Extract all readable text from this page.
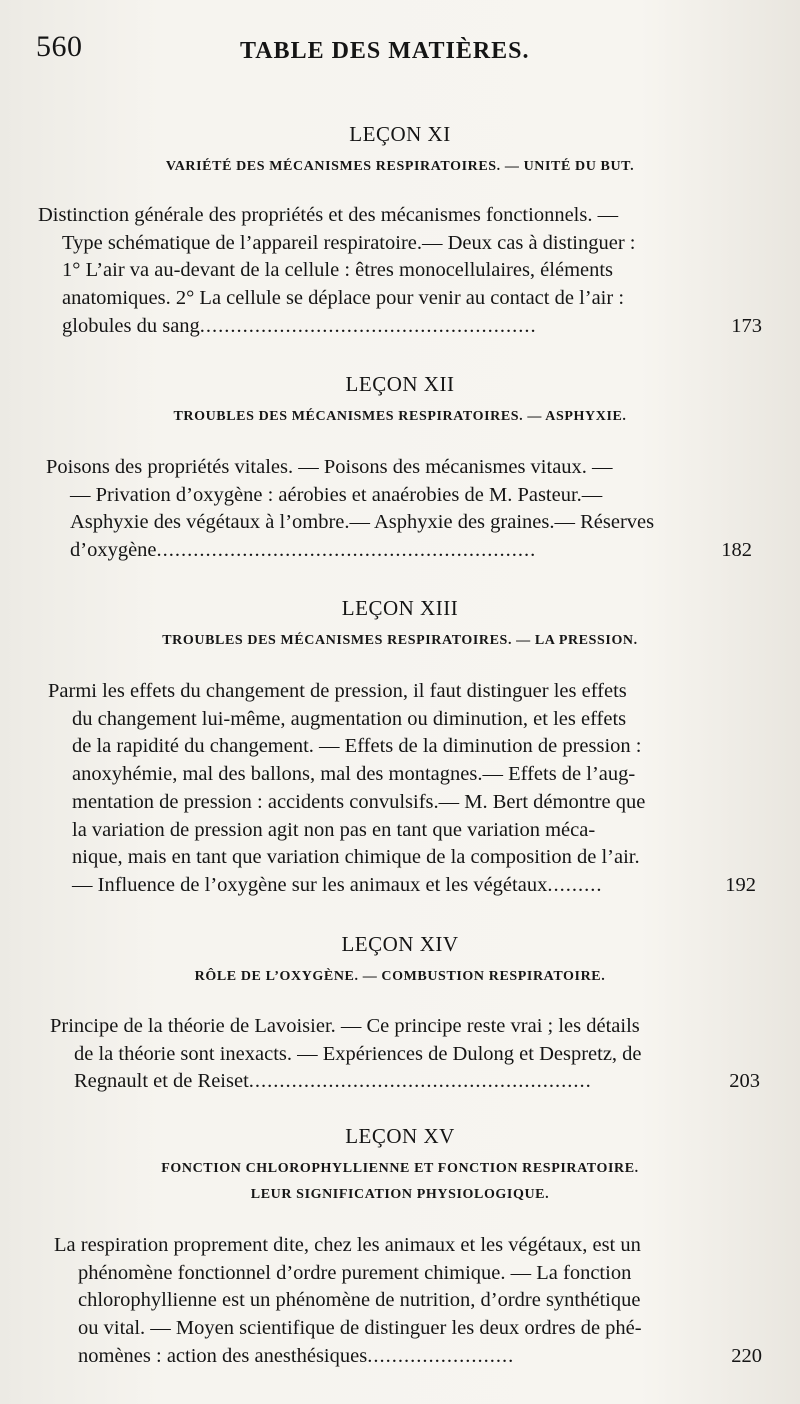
560	TABLE DES MATIÈRES.
LEÇON XI
VARIÉTÉ DES MÉCANISMES RESPIRATOIRES. — UNITÉ DU BUT.
Distinction générale des propriétés et des mécanismes fonctionnels. —
Type schématique de l’appareil respiratoire.— Deux cas à distinguer :
1° L’air va au-devant de la cellule : êtres monocellulaires, éléments
anatomiques. 2° La cellule se déplace pour venir au contact de l’air :
globules du sang.......................................................	173
LEÇON XII
TROUBLES DES MÉCANISMES RESPIRATOIRES. — ASPHYXIE.
Poisons des propriétés vitales. — Poisons des mécanismes vitaux. —
— Privation d’oxygène : aérobies et anaérobies de M. Pasteur.—
Asphyxie des végétaux à l’ombre.— Asphyxie des graines.— Réserves
d’oxygène..............................................................	182
LEÇON XIII
TROUBLES DES MÉCANISMES RESPIRATOIRES. — LA PRESSION.
Parmi les effets du changement de pression, il faut distinguer les effets
du changement lui-même, augmentation ou diminution, et les effets
de la rapidité du changement. — Effets de la diminution de pression :
anoxyhémie, mal des ballons, mal des montagnes.— Effets de l’aug-
mentation de pression : accidents convulsifs.— M. Bert démontre que
la variation de pression agit non pas en tant que variation méca-
nique, mais en tant que variation chimique de la composition de l’air.
— Influence de l’oxygène sur les animaux et les végétaux.........	192
LEÇON XIV
RÔLE DE L’OXYGÈNE. — COMBUSTION RESPIRATOIRE.
Principe de la théorie de Lavoisier. — Ce principe reste vrai ; les détails
de la théorie sont inexacts. — Expériences de Dulong et Despretz, de
Regnault et de Reiset........................................................	203
LEÇON XV
FONCTION CHLOROPHYLLIENNE ET FONCTION RESPIRATOIRE.
LEUR SIGNIFICATION PHYSIOLOGIQUE.
La respiration proprement dite, chez les animaux et les végétaux, est un
phénomène fonctionnel d’ordre purement chimique. — La fonction
chlorophyllienne est un phénomène de nutrition, d’ordre synthétique
ou vital. — Moyen scientifique de distinguer les deux ordres de phé-
nomènes : action des anesthésiques........................	220
